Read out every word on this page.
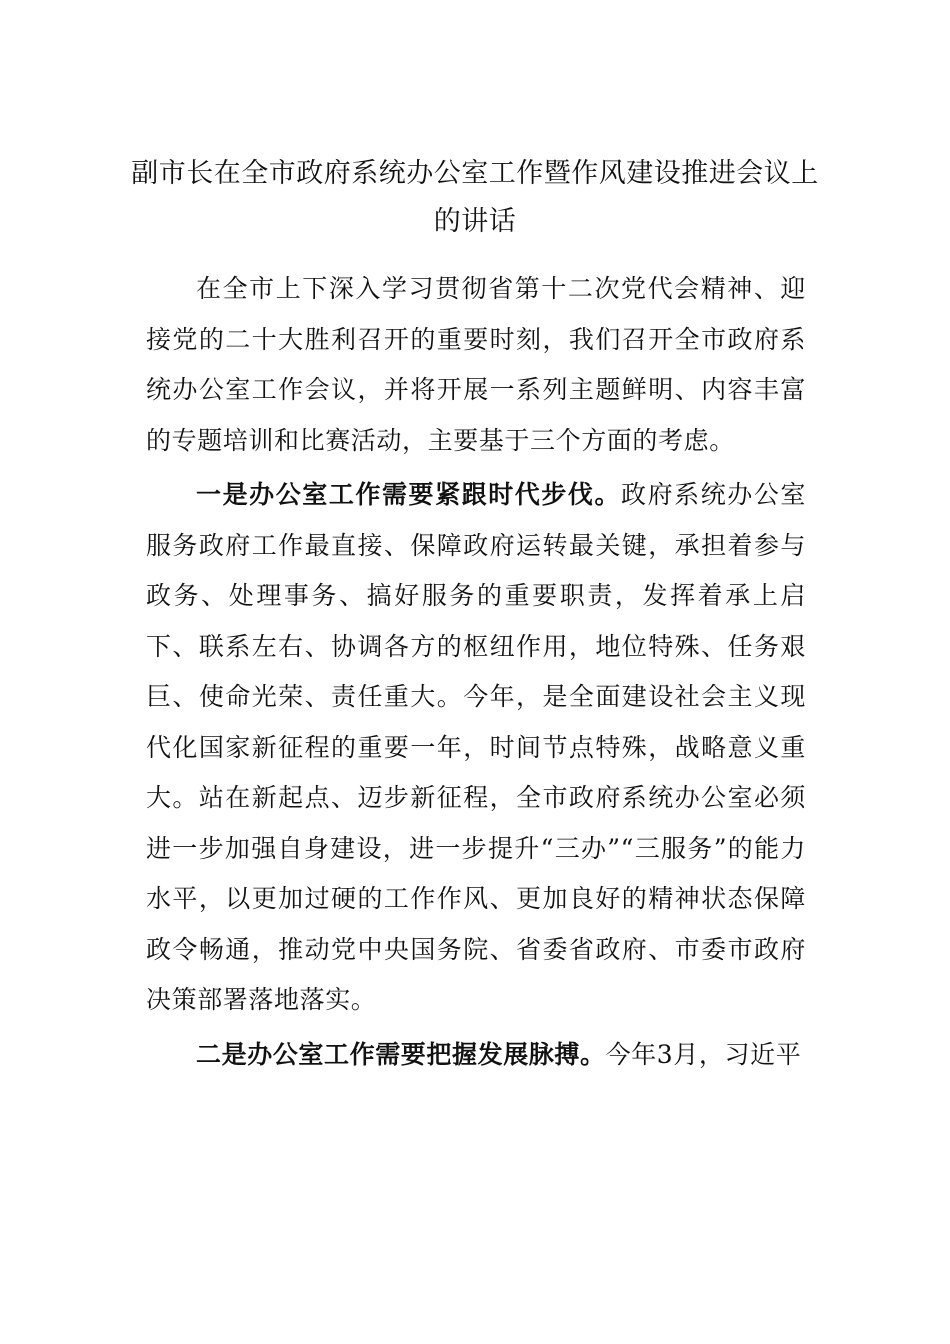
副市长在全市政府系统办公室工作暨作风建设推进会议上的讲话

在全市上下深入学习贯彻省第十二次党代会精神、迎接党的二十大胜利召开的重要时刻，我们召开全市政府系统办公室工作会议，并将开展一系列主题鲜明、内容丰富的专题培训和比赛活动，主要基于三个方面的考虑。

一是办公室工作需要紧跟时代步伐。政府系统办公室服务政府工作最直接、保障政府运转最关键，承担着参与政务、处理事务、搞好服务的重要职责，发挥着承上启下、联系左右、协调各方的枢纽作用，地位特殊、任务艰巨、使命光荣、责任重大。今年，是全面建设社会主义现代化国家新征程的重要一年，时间节点特殊，战略意义重大。站在新起点、迈步新征程，全市政府系统办公室必须进一步加强自身建设，进一步提升“三办”“三服务”的能力水平，以更加过硬的工作作风、更加良好的精神状态保障政令畅通，推动党中央国务院、省委省政府、市委市政府决策部署落地落实。

二是办公室工作需要把握发展脉搏。今年3月，习近平
